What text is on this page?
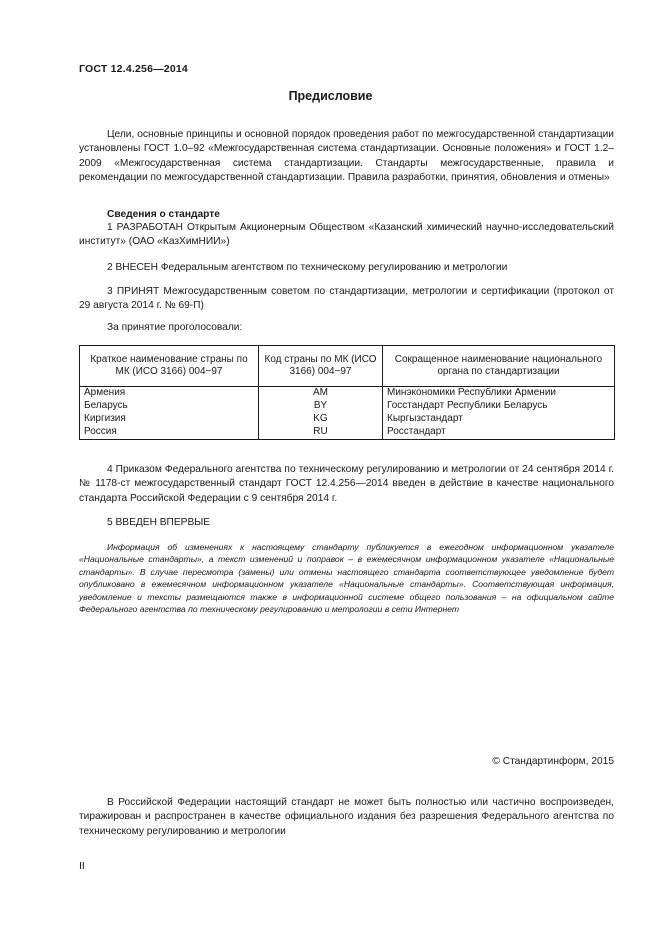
ГОСТ 12.4.256—2014
Предисловие
Цели, основные принципы и основной порядок проведения работ по межгосударственной стандартизации установлены ГОСТ 1.0–92 «Межгосударственная система стандартизации. Основные положения» и ГОСТ 1.2–2009 «Межгосударственная система стандартизации. Стандарты межгосударственные, правила и рекомендации по межгосударственной стандартизации. Правила разработки, принятия, обновления и отмены»
Сведения о стандарте
1 РАЗРАБОТАН Открытым Акционерным Обществом «Казанский химический научно-исследовательский институт» (ОАО «КазХимНИИ»)
2 ВНЕСЕН Федеральным агентством по техническому регулированию и метрологии
3 ПРИНЯТ Межгосударственным советом по стандартизации, метрологии и сертификации (протокол от 29 августа 2014 г. № 69-П)
За принятие проголосовали:
Краткое наименование страны по МК (ИСО 3166) 004−97	Код страны по МК (ИСО 3166) 004−97	Сокращенное наименование национального органа по стандартизации
Армения	AM	Минэкономики Республики Армении
Беларусь	BY	Госстандарт Республики Беларусь
Киргизия	KG	Кыргызстандарт
Россия	RU	Росстандарт
4 Приказом Федерального агентства по техническому регулированию и метрологии от 24 сентября 2014 г. № 1178-ст межгосударственный стандарт ГОСТ 12.4.256—2014 введен в действие в качестве национального стандарта Российской Федерации с 9 сентября 2014 г.
5 ВВЕДЕН ВПЕРВЫЕ
Информация об изменениях к настоящему стандарту публикуется в ежегодном информационном указателе «Национальные стандарты», а текст изменений и поправок – в ежемесячном информационном указателе «Национальные стандарты». В случае пересмотра (замены) или отмены настоящего стандарта соответствующее уведомление будет опубликовано в ежемесячном информационном указателе «Национальные стандарты». Соответствующая информация, уведомление и тексты размещаются также в информационной системе общего пользования – на официальном сайте Федерального агентства по техническому регулированию и метрологии в сети Интернет
© Стандартинформ, 2015
В Российской Федерации настоящий стандарт не может быть полностью или частично воспроизведен, тиражирован и распространен в качестве официального издания без разрешения Федерального агентства по техническому регулированию и метрологии
II
